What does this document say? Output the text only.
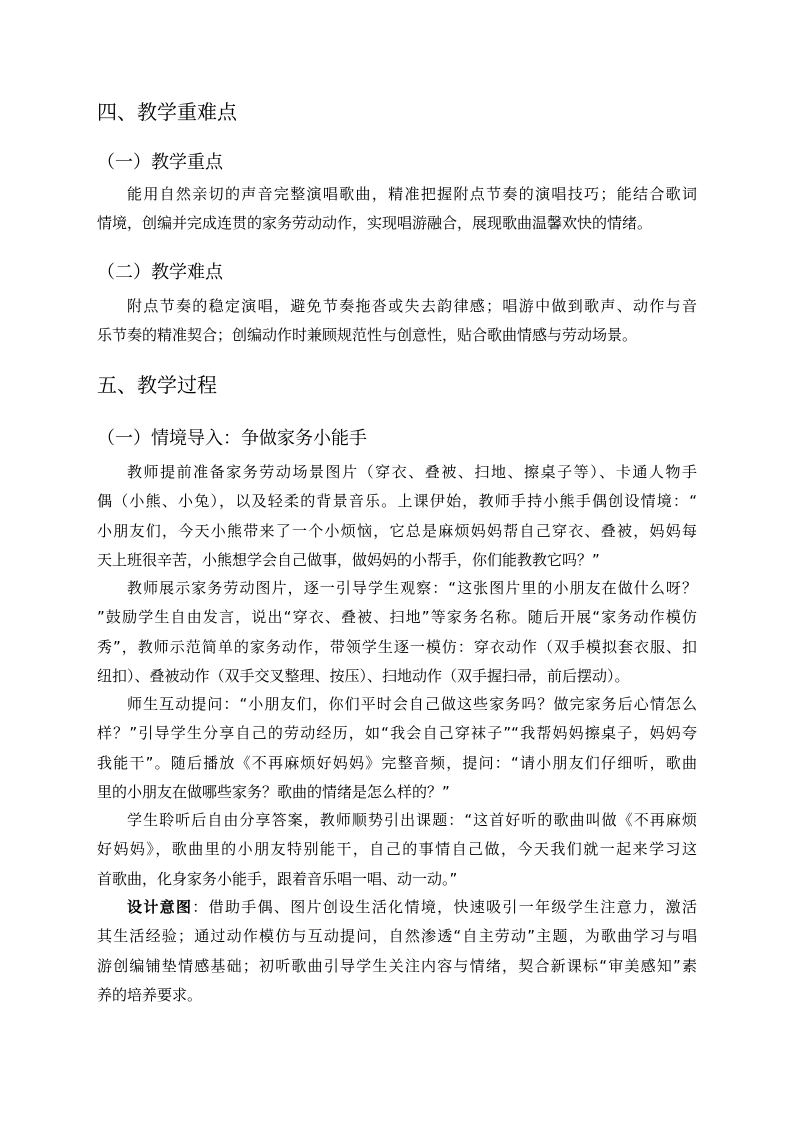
四、教学重难点
（一）教学重点
能用自然亲切的声音完整演唱歌曲，精准把握附点节奏的演唱技巧；能结合歌词
情境，创编并完成连贯的家务劳动动作，实现唱游融合，展现歌曲温馨欢快的情绪。
（二）教学难点
附点节奏的稳定演唱，避免节奏拖沓或失去韵律感；唱游中做到歌声、动作与音
乐节奏的精准契合；创编动作时兼顾规范性与创意性，贴合歌曲情感与劳动场景。
五、教学过程
（一）情境导入：争做家务小能手
教师提前准备家务劳动场景图片（穿衣、叠被、扫地、擦桌子等）、卡通人物手
偶（小熊、小兔），以及轻柔的背景音乐。上课伊始，教师手持小熊手偶创设情境：“
小朋友们，今天小熊带来了一个小烦恼，它总是麻烦妈妈帮自己穿衣、叠被，妈妈每
天上班很辛苦，小熊想学会自己做事，做妈妈的小帮手，你们能教教它吗？”
教师展示家务劳动图片，逐一引导学生观察：“这张图片里的小朋友在做什么呀？
”鼓励学生自由发言，说出“穿衣、叠被、扫地”等家务名称。随后开展“家务动作模仿
秀”，教师示范简单的家务动作，带领学生逐一模仿：穿衣动作（双手模拟套衣服、扣
纽扣）、叠被动作（双手交叉整理、按压）、扫地动作（双手握扫帚，前后摆动）。
师生互动提问：“小朋友们，你们平时会自己做这些家务吗？做完家务后心情怎么
样？”引导学生分享自己的劳动经历，如“我会自己穿袜子”“我帮妈妈擦桌子，妈妈夸
我能干”。随后播放《不再麻烦好妈妈》完整音频，提问：“请小朋友们仔细听，歌曲
里的小朋友在做哪些家务？歌曲的情绪是怎么样的？”
学生聆听后自由分享答案，教师顺势引出课题：“这首好听的歌曲叫做《不再麻烦
好妈妈》，歌曲里的小朋友特别能干，自己的事情自己做，今天我们就一起来学习这
首歌曲，化身家务小能手，跟着音乐唱一唱、动一动。”
设计意图：借助手偶、图片创设生活化情境，快速吸引一年级学生注意力，激活
其生活经验；通过动作模仿与互动提问，自然渗透“自主劳动”主题，为歌曲学习与唱
游创编铺垫情感基础；初听歌曲引导学生关注内容与情绪，契合新课标“审美感知”素
养的培养要求。
